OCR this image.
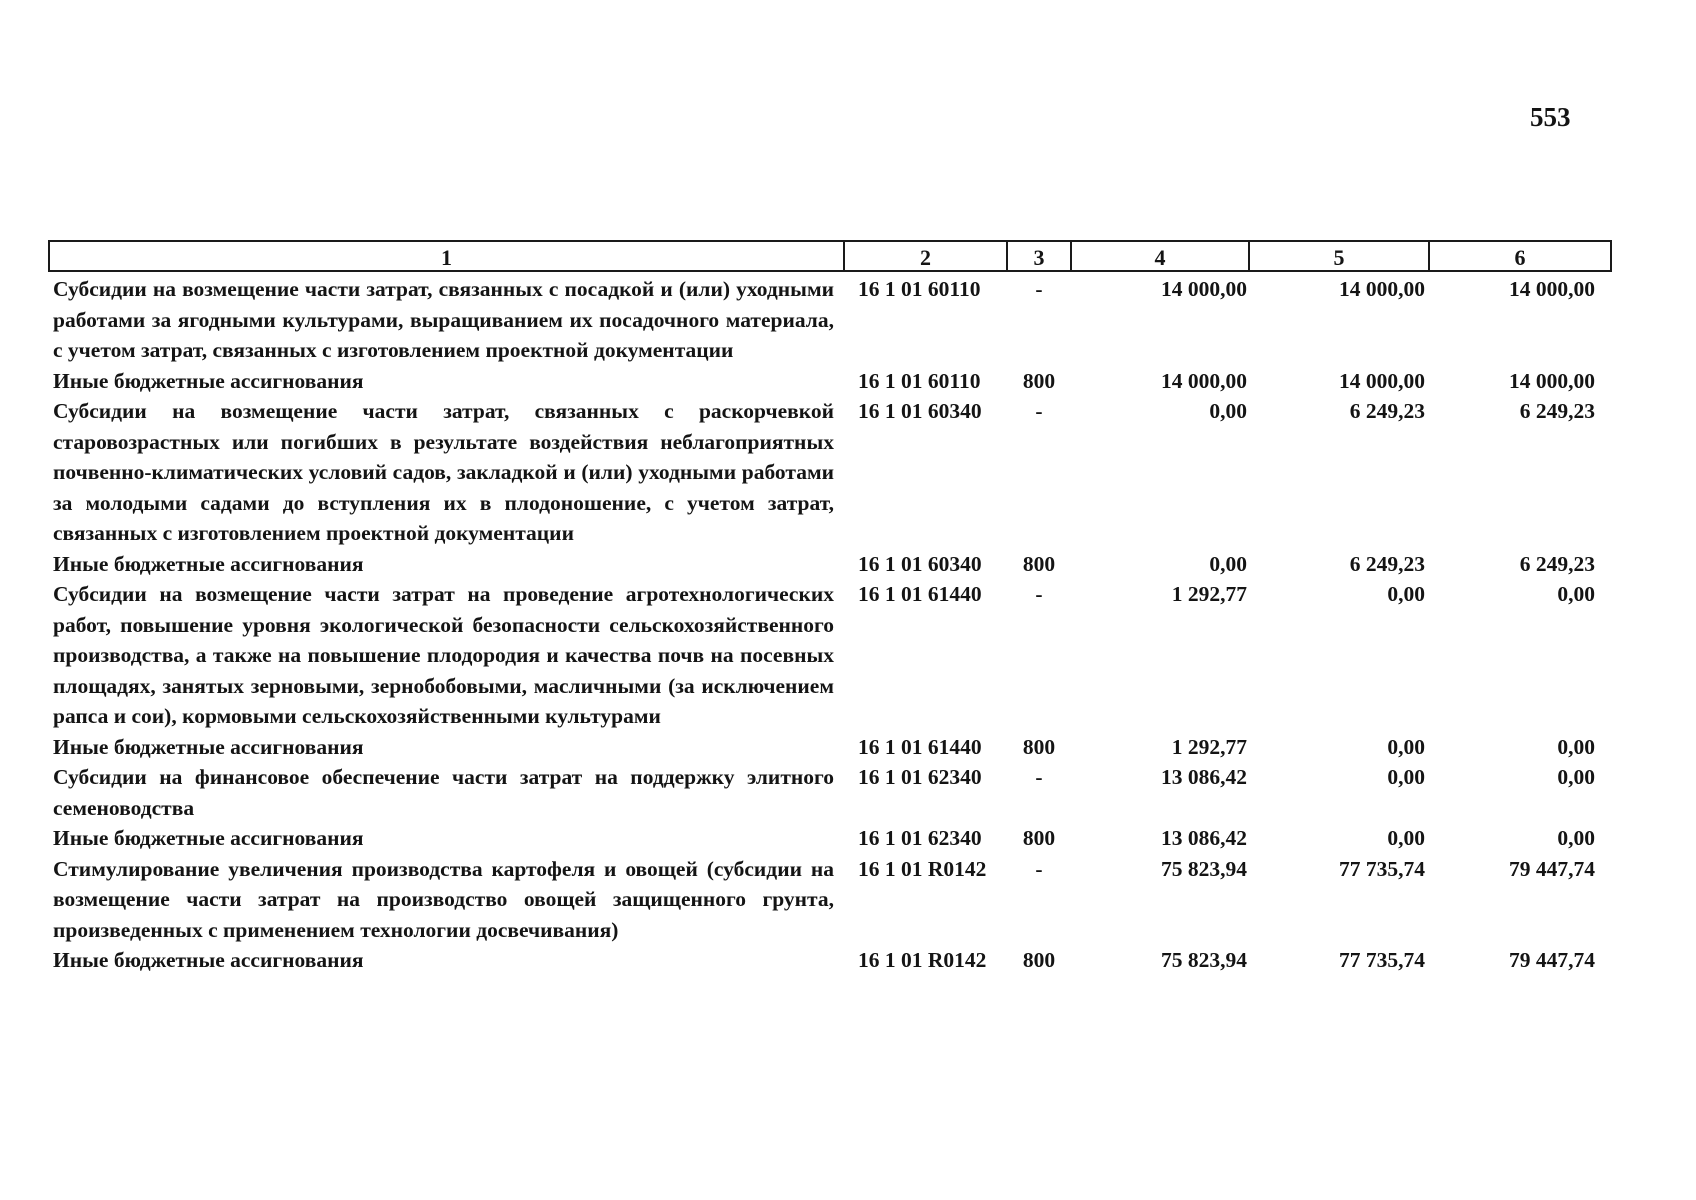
553
1	2	3	4	5	6
Субсидии на возмещение части затрат, связанных с посадкой и (или) уходными работами за ягодными культурами, выращиванием их посадочного материала, с учетом затрат, связанных с изготовлением проектной документации	16 1 01 60110	-	14 000,00	14 000,00	14 000,00
Иные бюджетные ассигнования	16 1 01 60110	800	14 000,00	14 000,00	14 000,00
Субсидии на возмещение части затрат, связанных с раскорчевкой старовозрастных или погибших в результате воздействия неблагоприятных почвенно-климатических условий садов, закладкой и (или) уходными работами за молодыми садами до вступления их в плодоношение, с учетом затрат, связанных с изготовлением проектной документации	16 1 01 60340	-	0,00	6 249,23	6 249,23
Иные бюджетные ассигнования	16 1 01 60340	800	0,00	6 249,23	6 249,23
Субсидии на возмещение части затрат на проведение агротехнологических работ, повышение уровня экологической безопасности сельскохозяйственного производства, а также на повышение плодородия и качества почв на посевных площадях, занятых зерновыми, зернобобовыми, масличными (за исключением рапса и сои), кормовыми сельскохозяйственными культурами	16 1 01 61440	-	1 292,77	0,00	0,00
Иные бюджетные ассигнования	16 1 01 61440	800	1 292,77	0,00	0,00
Субсидии на финансовое обеспечение части затрат на поддержку элитного семеноводства	16 1 01 62340	-	13 086,42	0,00	0,00
Иные бюджетные ассигнования	16 1 01 62340	800	13 086,42	0,00	0,00
Стимулирование увеличения производства картофеля и овощей (субсидии на возмещение части затрат на производство овощей защищенного грунта, произведенных с применением технологии досвечивания)	16 1 01 R0142	-	75 823,94	77 735,74	79 447,74
Иные бюджетные ассигнования	16 1 01 R0142	800	75 823,94	77 735,74	79 447,74
